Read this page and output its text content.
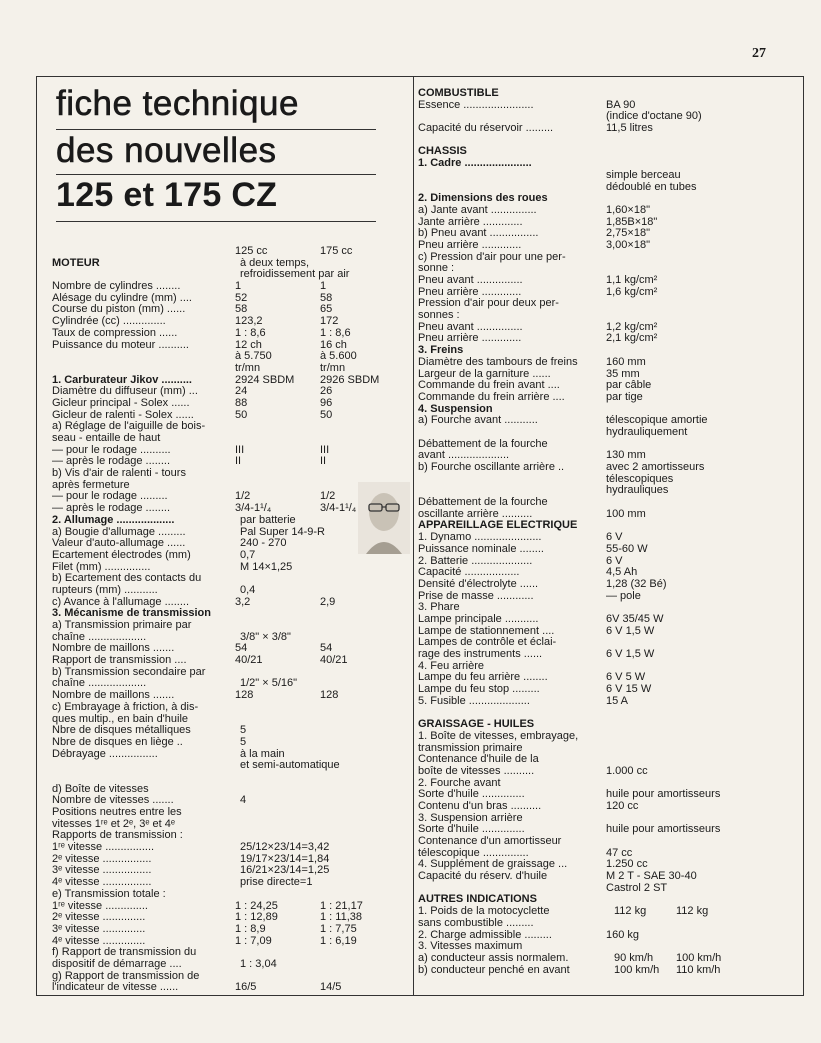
27
fiche technique
des nouvelles
125 et 175 CZ
125 cc	175 cc
MOTEUR	à deux temps,
refroidissement par air
Nombre de cylindres ........	1	1
Alésage du cylindre (mm) ....	52	58
Course du piston (mm) ......	58	65
Cylindrée (cc) ..............	123,2	172
Taux de compression ......	1 : 8,6	1 : 8,6
Puissance du moteur ..........	12 ch	16 ch
à 5.750	à 5.600
tr/mn	tr/mn
1. Carburateur Jikov ..........	2924 SBDM 2926 SBDM
Diamètre du diffuseur (mm) ...	24	26
Gicleur principal - Solex ......	88	96
Gicleur de ralenti - Solex ......	50	50
a) Réglage de l'aiguille de bois-
seau - entaille de haut
— pour le rodage ..........	III	III
— après le rodage ........	II	II
b) Vis d'air de ralenti - tours
après fermeture
— pour le rodage .........	1/2	1/2
— après le rodage ........	3/4-1¹/₄	3/4-1¹/₄
2. Allumage ...................	par batterie
a) Bougie d'allumage .........	Pal Super 14-9-R
Valeur d'auto-allumage ......	240 - 270
Ecartement électrodes (mm)	0,7
Filet (mm) ...............	M 14×1,25
b) Ecartement des contacts du
rupteurs (mm) ...........	0,4
c) Avance à l'allumage ........	3,2	2,9
3. Mécanisme de transmission
a) Transmission primaire par
chaîne ...................	3/8" × 3/8"
Nombre de maillons .......	54	54
Rapport de transmission ....	40/21	40/21
b) Transmission secondaire par
chaîne ...................	1/2" × 5/16"
Nombre de maillons .......	128	128
c) Embrayage à friction, à dis-
ques multip., en bain d'huile
Nbre de disques métalliques	5
Nbre de disques en liège ..	5
Débrayage ................	à la main
et semi-automatique
d) Boîte de vitesses
Nombre de vitesses .......	4
Positions neutres entre les
vitesses 1ʳᵉ et 2ᵉ, 3ᵉ et 4ᵉ
Rapports de transmission :
1ʳᵉ vitesse ................	25/12×23/14=3,42
2ᵉ vitesse ................	19/17×23/14=1,84
3ᵉ vitesse ................	16/21×23/14=1,25
4ᵉ vitesse ................	prise directe=1
e) Transmission totale :
1ʳᵉ vitesse ..............	1 : 24,25	1 : 21,17
2ᵉ vitesse ..............	1 : 12,89	1 : 11,38
3ᵉ vitesse ..............	1 : 8,9	1 : 7,75
4ᵉ vitesse ..............	1 : 7,09	1 : 6,19
f) Rapport de transmission du
dispositif de démarrage ....	1 : 3,04
g) Rapport de transmission de
l'indicateur de vitesse ......	16/5	14/5
COMBUSTIBLE
Essence .......................	BA 90
(indice d'octane 90)
Capacité du réservoir .........	11,5 litres
CHASSIS
1. Cadre ......................
simple berceau
dédoublé en tubes
2. Dimensions des roues
a) Jante avant ...............	1,60×18"
Jante arrière .............	1,85B×18"
b) Pneu avant ................	2,75×18"
Pneu arrière .............	3,00×18"
c) Pression d'air pour une per-
sonne :
Pneu avant ...............	1,1 kg/cm²
Pneu arrière .............	1,6 kg/cm²
Pression d'air pour deux per-
sonnes :
Pneu avant ...............	1,2 kg/cm²
Pneu arrière .............	2,1 kg/cm²
3. Freins
Diamètre des tambours de freins	160 mm
Largeur de la garniture ......	35 mm
Commande du frein avant ....	par câble
Commande du frein arrière ....	par tige
4. Suspension
a) Fourche avant ...........	télescopique amortie
hydrauliquement
Débattement de la fourche
avant ....................	130 mm
b) Fourche oscillante arrière ..	avec 2 amortisseurs
télescopiques
hydrauliques
Débattement de la fourche
oscillante arrière ..........	100 mm
APPAREILLAGE ELECTRIQUE
1. Dynamo ......................	6 V
Puissance nominale ........	55-60 W
2. Batterie ....................	6 V
Capacité ..................	4,5 Ah
Densité d'électrolyte ......	1,28 (32 Bé)
Prise de masse ............	— pole
3. Phare
Lampe principale ...........	6V 35/45 W
Lampe de stationnement ....	6 V 1,5 W
Lampes de contrôle et éclai-
rage des instruments ......	6 V 1,5 W
4. Feu arrière
Lampe du feu arrière ........	6 V 5 W
Lampe du feu stop .........	6 V 15 W
5. Fusible ....................	15 A
GRAISSAGE - HUILES
1. Boîte de vitesses, embrayage,
transmission primaire
Contenance d'huile de la
boîte de vitesses ..........	1.000 cc
2. Fourche avant
Sorte d'huile ..............	huile pour amortisseurs
Contenu d'un bras ..........	120 cc
3. Suspension arrière
Sorte d'huile ..............	huile pour amortisseurs
Contenance d'un amortisseur
télescopique ...............	47 cc
4. Supplément de graissage ...	1.250 cc
Capacité du réserv. d'huile	M 2 T - SAE 30-40
Castrol 2 ST
AUTRES INDICATIONS
1. Poids de la motocyclette	112 kg	112 kg
sans combustible .........
2. Charge admissible .........	160 kg
3. Vitesses maximum
a) conducteur assis normalem.	90 km/h 100 km/h
b) conducteur penché en avant	100 km/h 110 km/h
